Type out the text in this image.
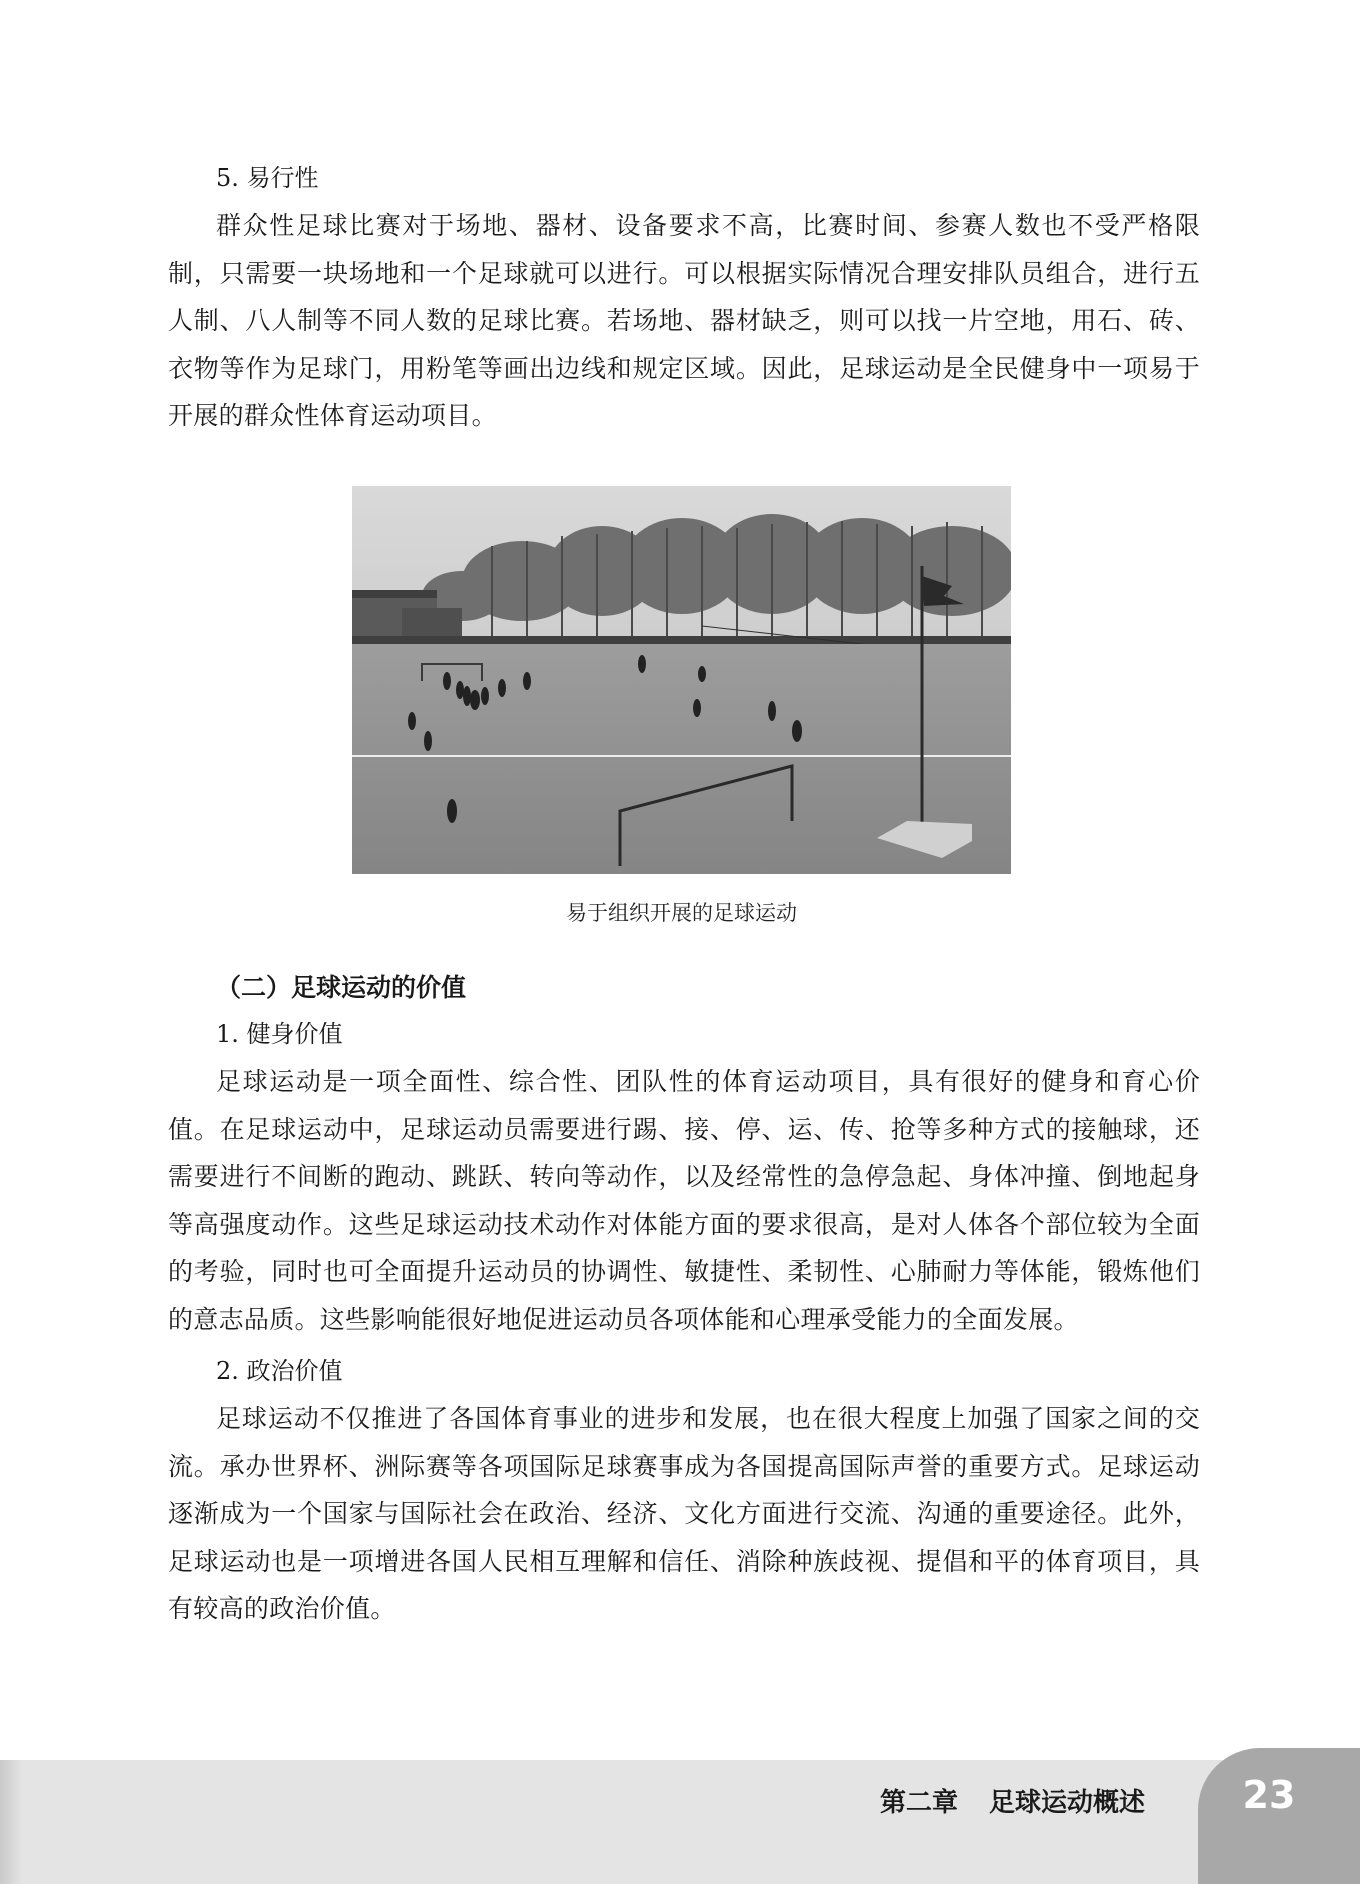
5. 易行性

群众性足球比赛对于场地、器材、设备要求不高，比赛时间、参赛人数也不受严格限制，只需要一块场地和一个足球就可以进行。可以根据实际情况合理安排队员组合，进行五人制、八人制等不同人数的足球比赛。若场地、器材缺乏，则可以找一片空地，用石、砖、衣物等作为足球门，用粉笔等画出边线和规定区域。因此，足球运动是全民健身中一项易于开展的群众性体育运动项目。

易于组织开展的足球运动

（二）足球运动的价值
1. 健身价值

足球运动是一项全面性、综合性、团队性的体育运动项目，具有很好的健身和育心价值。在足球运动中，足球运动员需要进行踢、接、停、运、传、抢等多种方式的接触球，还需要进行不间断的跑动、跳跃、转向等动作，以及经常性的急停急起、身体冲撞、倒地起身等高强度动作。这些足球运动技术动作对体能方面的要求很高，是对人体各个部位较为全面的考验，同时也可全面提升运动员的协调性、敏捷性、柔韧性、心肺耐力等体能，锻炼他们的意志品质。这些影响能很好地促进运动员各项体能和心理承受能力的全面发展。

2. 政治价值

足球运动不仅推进了各国体育事业的进步和发展，也在很大程度上加强了国家之间的交流。承办世界杯、洲际赛等各项国际足球赛事成为各国提高国际声誉的重要方式。足球运动逐渐成为一个国家与国际社会在政治、经济、文化方面进行交流、沟通的重要途径。此外，足球运动也是一项增进各国人民相互理解和信任、消除种族歧视、提倡和平的体育项目，具有较高的政治价值。

第二章 足球运动概述	23
